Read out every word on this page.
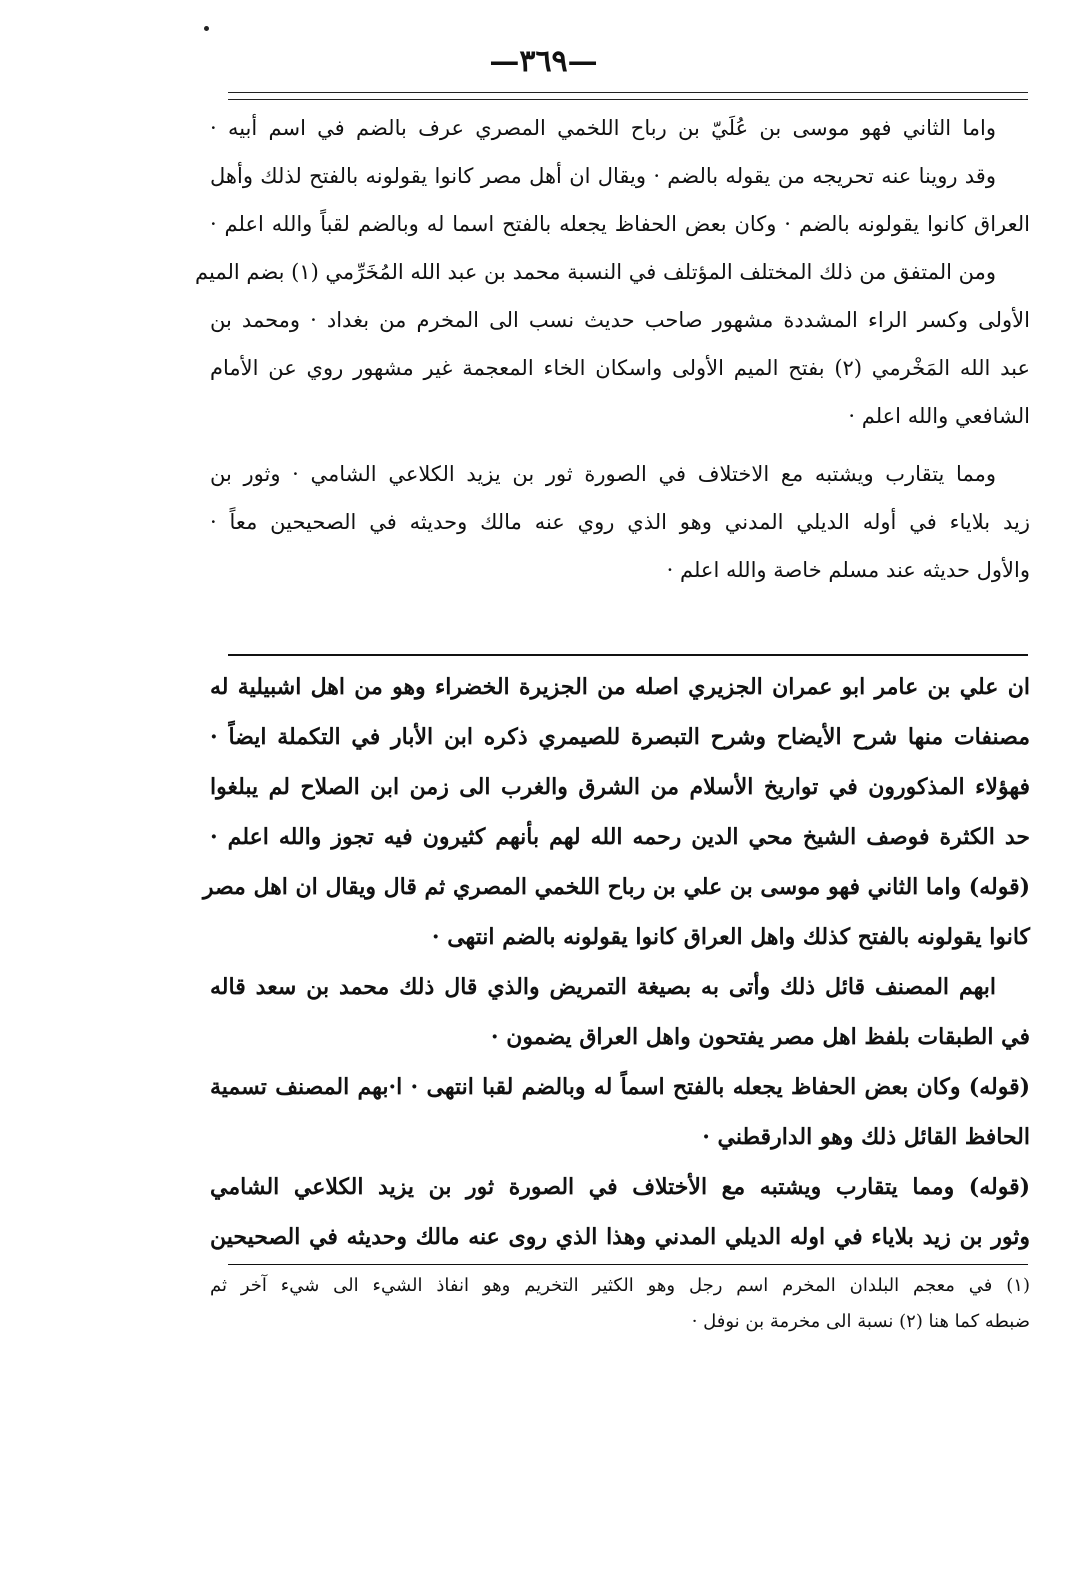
—٣٦٩—
واما الثاني فهو موسى بن عُلَيّ بن رباح اللخمي المصري عرف بالضم في اسم أبيه ·
وقد روينا عنه تحريجه من يقوله بالضم · ويقال ان أهل مصر كانوا يقولونه بالفتح لذلك وأهل
العراق كانوا يقولونه بالضم · وكان بعض الحفاظ يجعله بالفتح اسما له وبالضم لقباً والله اعلم ·
ومن المتفق من ذلك المختلف المؤتلف في النسبة محمد بن عبد الله المُخَرِّمي (١) بضم الميم
الأولى وكسر الراء المشددة مشهور صاحب حديث نسب الى المخرم من بغداد · ومحمد بن
عبد الله المَخْرمي (٢) بفتح الميم الأولى واسكان الخاء المعجمة غير مشهور روي عن الأمام
الشافعي والله اعلم ·
ومما يتقارب ويشتبه مع الاختلاف في الصورة ثور بن يزيد الكلاعي الشامي · وثور بن
زيد بلاياء في أوله الديلي المدني وهو الذي روي عنه مالك وحديثه في الصحيحين معاً ·
والأول حديثه عند مسلم خاصة والله اعلم ·
ان علي بن عامر ابو عمران الجزيري اصله من الجزيرة الخضراء وهو من اهل اشبيلية له
مصنفات منها شرح الأيضاح وشرح التبصرة للصيمري ذكره ابن الأبار في التكملة ايضاً ·
فهؤلاء المذكورون في تواريخ الأسلام من الشرق والغرب الى زمن ابن الصلاح لم يبلغوا
حد الكثرة فوصف الشيخ محي الدين رحمه الله لهم بأنهم كثيرون فيه تجوز والله اعلم ·
(قوله) واما الثاني فهو موسى بن علي بن رباح اللخمي المصري ثم قال ويقال ان اهل مصر
كانوا يقولونه بالفتح كذلك واهل العراق كانوا يقولونه بالضم انتهى ·
ابهم المصنف قائل ذلك وأتى به بصيغة التمريض والذي قال ذلك محمد بن سعد قاله
في الطبقات بلفظ اهل مصر يفتحون واهل العراق يضمون ·
(قوله) وكان بعض الحفاظ يجعله بالفتح اسماً له وبالضم لقبا انتهى · ا·بهم المصنف تسمية
الحافظ القائل ذلك وهو الدارقطني ·
(قوله) ومما يتقارب ويشتبه مع الأختلاف في الصورة ثور بن يزيد الكلاعي الشامي
وثور بن زيد بلاياء في اوله الديلي المدني وهذا الذي روى عنه مالك وحديثه في الصحيحين
(١) في معجم البلدان المخرم اسم رجل وهو الكثير التخريم وهو انفاذ الشيء الى شيء آخر ثم
ضبطه كما هنا (٢) نسبة الى مخرمة بن نوفل ·
